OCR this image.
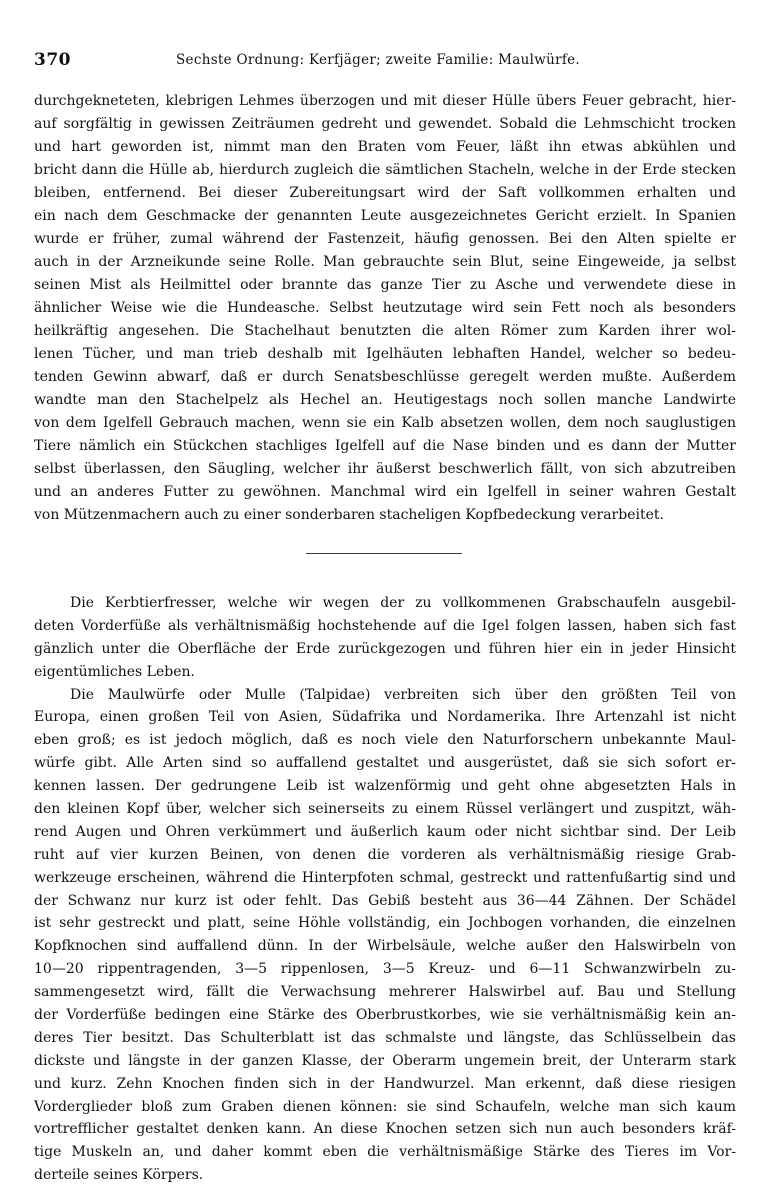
370	Sechste Ordnung: Kerfjäger; zweite Familie: Maulwürfe.
durchgekneteten, klebrigen Lehmes überzogen und mit dieser Hülle übers Feuer gebracht, hier-
auf sorgfältig in gewissen Zeiträumen gedreht und gewendet. Sobald die Lehmschicht trocken
und hart geworden ist, nimmt man den Braten vom Feuer, läßt ihn etwas abkühlen und
bricht dann die Hülle ab, hierdurch zugleich die sämtlichen Stacheln, welche in der Erde stecken
bleiben, entfernend. Bei dieser Zubereitungsart wird der Saft vollkommen erhalten und
ein nach dem Geschmacke der genannten Leute ausgezeichnetes Gericht erzielt. In Spanien
wurde er früher, zumal während der Fastenzeit, häufig genossen. Bei den Alten spielte er
auch in der Arzneikunde seine Rolle. Man gebrauchte sein Blut, seine Eingeweide, ja selbst
seinen Mist als Heilmittel oder brannte das ganze Tier zu Asche und verwendete diese in
ähnlicher Weise wie die Hundeasche. Selbst heutzutage wird sein Fett noch als besonders
heilkräftig angesehen. Die Stachelhaut benutzten die alten Römer zum Karden ihrer wol-
lenen Tücher, und man trieb deshalb mit Igelhäuten lebhaften Handel, welcher so bedeu-
tenden Gewinn abwarf, daß er durch Senatsbeschlüsse geregelt werden mußte. Außerdem
wandte man den Stachelpelz als Hechel an. Heutigestags noch sollen manche Landwirte
von dem Igelfell Gebrauch machen, wenn sie ein Kalb absetzen wollen, dem noch sauglustigen
Tiere nämlich ein Stückchen stachliges Igelfell auf die Nase binden und es dann der Mutter
selbst überlassen, den Säugling, welcher ihr äußerst beschwerlich fällt, von sich abzutreiben
und an anderes Futter zu gewöhnen. Manchmal wird ein Igelfell in seiner wahren Gestalt
von Mützenmachern auch zu einer sonderbaren stacheligen Kopfbedeckung verarbeitet.
Die Kerbtierfresser, welche wir wegen der zu vollkommenen Grabschaufeln ausgebil-
deten Vorderfüße als verhältnismäßig hochstehende auf die Igel folgen lassen, haben sich fast
gänzlich unter die Oberfläche der Erde zurückgezogen und führen hier ein in jeder Hinsicht
eigentümliches Leben.
Die Maulwürfe oder Mulle (Talpidae) verbreiten sich über den größten Teil von
Europa, einen großen Teil von Asien, Südafrika und Nordamerika. Ihre Artenzahl ist nicht
eben groß; es ist jedoch möglich, daß es noch viele den Naturforschern unbekannte Maul-
würfe gibt. Alle Arten sind so auffallend gestaltet und ausgerüstet, daß sie sich sofort er-
kennen lassen. Der gedrungene Leib ist walzenförmig und geht ohne abgesetzten Hals in
den kleinen Kopf über, welcher sich seinerseits zu einem Rüssel verlängert und zuspitzt, wäh-
rend Augen und Ohren verkümmert und äußerlich kaum oder nicht sichtbar sind. Der Leib
ruht auf vier kurzen Beinen, von denen die vorderen als verhältnismäßig riesige Grab-
werkzeuge erscheinen, während die Hinterpfoten schmal, gestreckt und rattenfußartig sind und
der Schwanz nur kurz ist oder fehlt. Das Gebiß besteht aus 36—44 Zähnen. Der Schädel
ist sehr gestreckt und platt, seine Höhle vollständig, ein Jochbogen vorhanden, die einzelnen
Kopfknochen sind auffallend dünn. In der Wirbelsäule, welche außer den Halswirbeln von
10—20 rippentragenden, 3—5 rippenlosen, 3—5 Kreuz- und 6—11 Schwanzwirbeln zu-
sammengesetzt wird, fällt die Verwachsung mehrerer Halswirbel auf. Bau und Stellung
der Vorderfüße bedingen eine Stärke des Oberbrustkorbes, wie sie verhältnismäßig kein an-
deres Tier besitzt. Das Schulterblatt ist das schmalste und längste, das Schlüsselbein das
dickste und längste in der ganzen Klasse, der Oberarm ungemein breit, der Unterarm stark
und kurz. Zehn Knochen finden sich in der Handwurzel. Man erkennt, daß diese riesigen
Vorderglieder bloß zum Graben dienen können: sie sind Schaufeln, welche man sich kaum
vortrefflicher gestaltet denken kann. An diese Knochen setzen sich nun auch besonders kräf-
tige Muskeln an, und daher kommt eben die verhältnismäßige Stärke des Tieres im Vor-
derteile seines Körpers.
